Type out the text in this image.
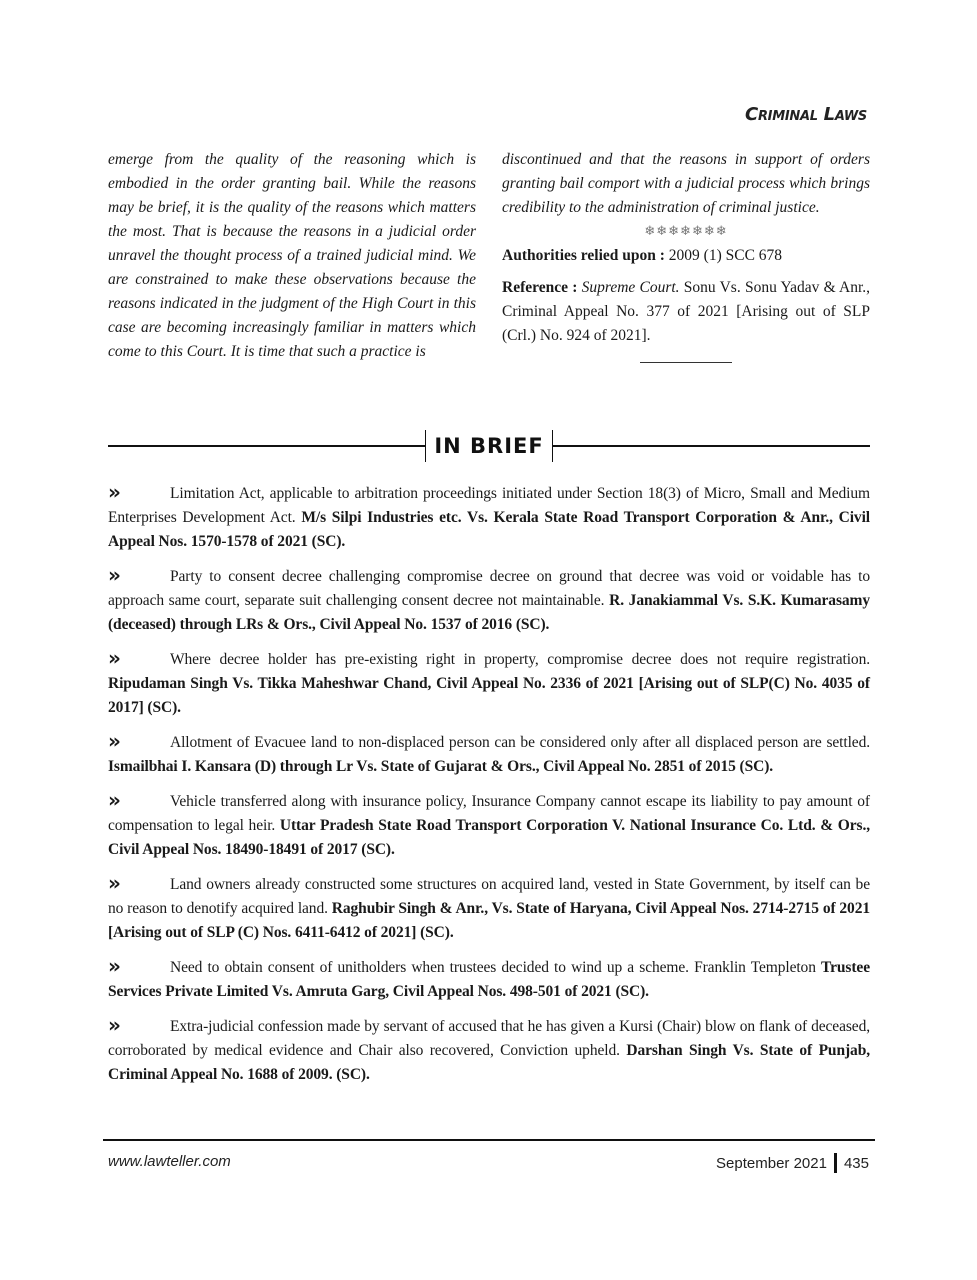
Criminal Laws
emerge from the quality of the reasoning which is embodied in the order granting bail. While the reasons may be brief, it is the quality of the reasons which matters the most. That is because the reasons in a judicial order unravel the thought process of a trained judicial mind. We are constrained to make these observations because the reasons indicated in the judgment of the High Court in this case are becoming increasingly familiar in matters which come to this Court. It is time that such a practice is

discontinued and that the reasons in support of orders granting bail comport with a judicial process which brings credibility to the administration of criminal justice.

❄❄❄❄❄❄❄

Authorities relied upon : 2009 (1) SCC 678

Reference : Supreme Court. Sonu Vs. Sonu Yadav & Anr., Criminal Appeal No. 377 of 2021 [Arising out of SLP (Crl.) No. 924 of 2021].

IN BRIEF
»	Limitation Act, applicable to arbitration proceedings initiated under Section 18(3) of Micro, Small and Medium Enterprises Development Act. M/s Silpi Industries etc. Vs. Kerala State Road Transport Corporation & Anr., Civil Appeal Nos. 1570-1578 of 2021 (SC).
»	Party to consent decree challenging compromise decree on ground that decree was void or voidable has to approach same court, separate suit challenging consent decree not maintainable. R. Janakiammal Vs. S.K. Kumarasamy (deceased) through LRs & Ors., Civil Appeal No. 1537 of 2016 (SC).
»	Where decree holder has pre-existing right in property, compromise decree does not require registration. Ripudaman Singh Vs. Tikka Maheshwar Chand, Civil Appeal No. 2336 of 2021 [Arising out of SLP(C) No. 4035 of 2017] (SC).
»	Allotment of Evacuee land to non-displaced person can be considered only after all displaced person are settled. Ismailbhai I. Kansara (D) through Lr Vs. State of Gujarat & Ors., Civil Appeal No. 2851 of 2015 (SC).
»	Vehicle transferred along with insurance policy, Insurance Company cannot escape its liability to pay amount of compensation to legal heir. Uttar Pradesh State Road Transport Corporation V. National Insurance Co. Ltd. & Ors., Civil Appeal Nos. 18490-18491 of 2017 (SC).
»	Land owners already constructed some structures on acquired land, vested in State Government, by itself can be no reason to denotify acquired land. Raghubir Singh & Anr., Vs. State of Haryana, Civil Appeal Nos. 2714-2715 of 2021 [Arising out of SLP (C) Nos. 6411-6412 of 2021] (SC).
»	Need to obtain consent of unitholders when trustees decided to wind up a scheme. Franklin Templeton Trustee Services Private Limited Vs. Amruta Garg, Civil Appeal Nos. 498-501 of 2021 (SC).
»	Extra-judicial confession made by servant of accused that he has given a Kursi (Chair) blow on flank of deceased, corroborated by medical evidence and Chair also recovered, Conviction upheld. Darshan Singh Vs. State of Punjab, Criminal Appeal No. 1688 of 2009. (SC).
www.lawteller.com	September 2021 435
